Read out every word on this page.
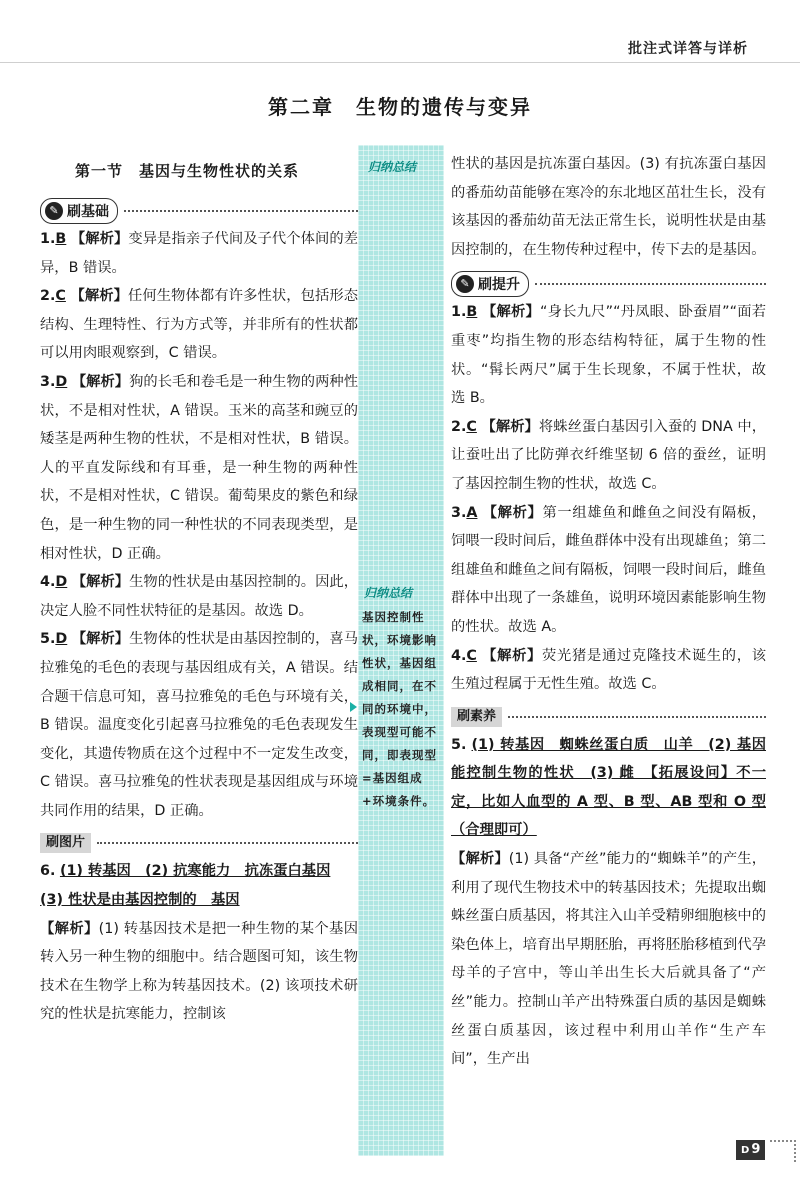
批注式详答与详析
第二章　生物的遗传与变异
归纳总结
归纳总结
基因控制性状，环境影响性状，基因组成相同，在不同的环境中，表现型可能不同，即表现型=基因组成+环境条件。
第一节　基因与生物性状的关系
✎ 刷基础

1.B 【解析】变异是指亲子代间及子代个体间的差异，B 错误。

2.C 【解析】任何生物体都有许多性状，包括形态结构、生理特性、行为方式等，并非所有的性状都可以用肉眼观察到，C 错误。

3.D 【解析】狗的长毛和卷毛是一种生物的两种性状，不是相对性状，A 错误。玉米的高茎和豌豆的矮茎是两种生物的性状，不是相对性状，B 错误。人的平直发际线和有耳垂，是一种生物的两种性状，不是相对性状，C 错误。葡萄果皮的紫色和绿色，是一种生物的同一种性状的不同表现类型，是相对性状，D 正确。

4.D 【解析】生物的性状是由基因控制的。因此，决定人脸不同性状特征的是基因。故选 D。

5.D 【解析】生物体的性状是由基因控制的，喜马拉雅兔的毛色的表现与基因组成有关，A 错误。结合题干信息可知，喜马拉雅兔的毛色与环境有关，B 错误。温度变化引起喜马拉雅兔的毛色表现发生变化，其遗传物质在这个过程中不一定发生改变，C 错误。喜马拉雅兔的性状表现是基因组成与环境共同作用的结果，D 正确。

刷图片

6. (1) 转基因　(2) 抗寒能力　抗冻蛋白基因
(3) 性状是由基因控制的　基因
【解析】(1) 转基因技术是把一种生物的某个基因转入另一种生物的细胞中。结合题图可知，该生物技术在生物学上称为转基因技术。(2) 该项技术研究的性状是抗寒能力，控制该

性状的基因是抗冻蛋白基因。(3) 有抗冻蛋白基因的番茄幼苗能够在寒冷的东北地区茁壮生长，没有该基因的番茄幼苗无法正常生长，说明性状是由基因控制的，在生物传种过程中，传下去的是基因。

✎ 刷提升

1.B 【解析】“身长九尺”“丹凤眼、卧蚕眉”“面若重枣”均指生物的形态结构特征，属于生物的性状。“髯长两尺”属于生长现象，不属于性状，故选 B。

2.C 【解析】将蛛丝蛋白基因引入蚕的 DNA 中，让蚕吐出了比防弹衣纤维坚韧 6 倍的蚕丝，证明了基因控制生物的性状，故选 C。

3.A 【解析】第一组雄鱼和雌鱼之间没有隔板，饲喂一段时间后，雌鱼群体中没有出现雄鱼；第二组雄鱼和雌鱼之间有隔板，饲喂一段时间后，雌鱼群体中出现了一条雄鱼，说明环境因素能影响生物的性状。故选 A。

4.C 【解析】荧光猪是通过克隆技术诞生的，该生殖过程属于无性生殖。故选 C。

刷素养

5. (1) 转基因　蜘蛛丝蛋白质　山羊　(2) 基因能控制生物的性状　(3) 雌　【拓展设问】不一定，比如人血型的 A 型、B 型、AB 型和 O 型（合理即可）
【解析】(1) 具备“产丝”能力的“蜘蛛羊”的产生，利用了现代生物技术中的转基因技术；先提取出蜘蛛丝蛋白质基因，将其注入山羊受精卵细胞核中的染色体上，培育出早期胚胎，再将胚胎移植到代孕母羊的子宫中，等山羊出生长大后就具备了“产丝”能力。控制山羊产出特殊蛋白质的基因是蜘蛛丝蛋白质基因，该过程中利用山羊作“生产车间”，生产出

D 9
